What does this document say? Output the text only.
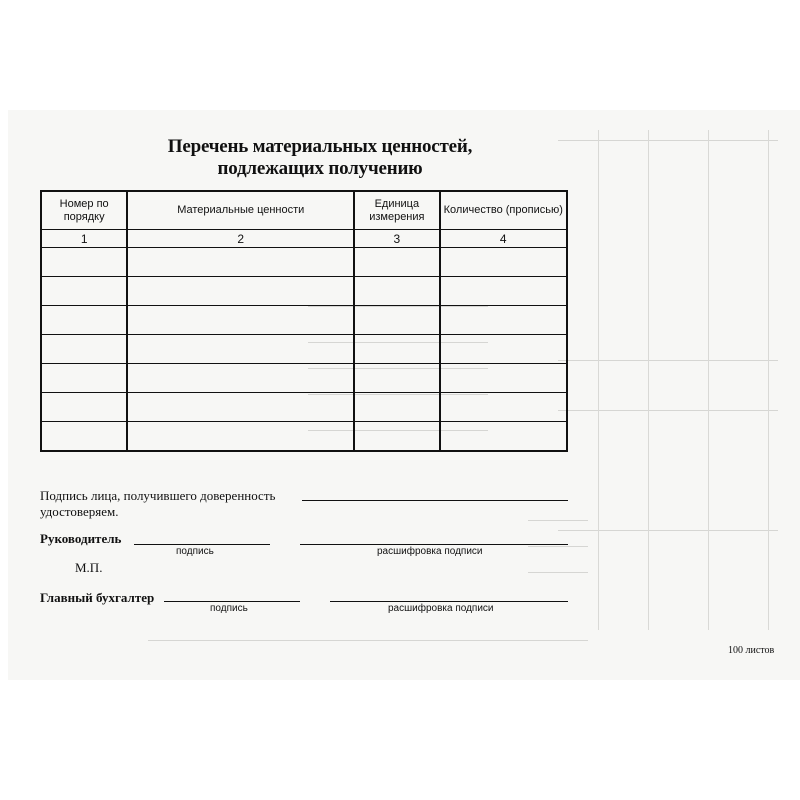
Перечень материальных ценностей,
подлежащих получению
Номер по порядку	Материальные ценности	Единица измерения	Количество (прописью)
1	2	3	4

Подпись лица, получившего доверенность
удостоверяем.
Руководитель
подпись	расшифровка подписи
М.П.
Главный бухгалтер
подпись	расшифровка подписи
100 листов
